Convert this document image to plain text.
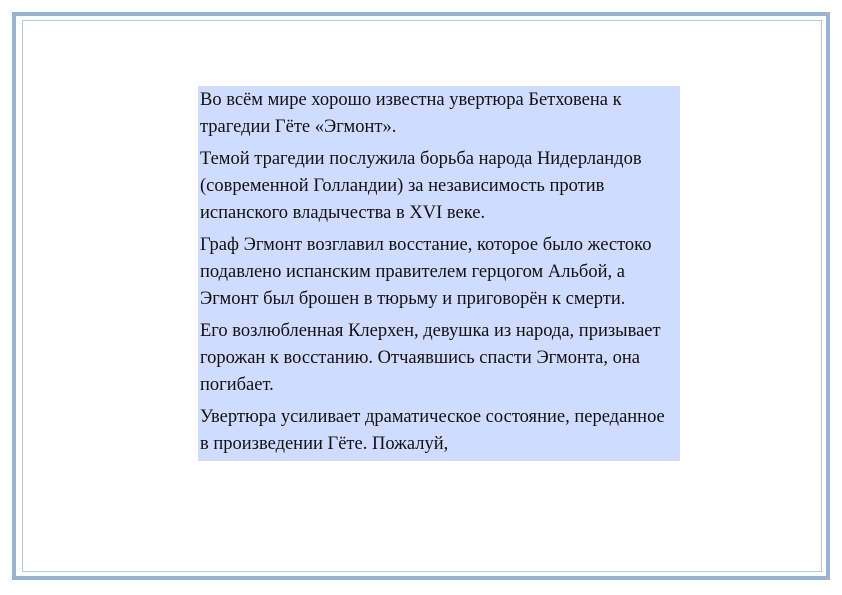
Во всём мире хорошо известна увертюра Бетховена к трагедии Гёте «Эгмонт».

Темой трагедии послужила борьба народа Нидерландов (современной Голландии) за независимость против испанского владычества в XVI веке.

Граф Эгмонт возглавил восстание, которое было жестоко подавлено испанским правителем герцогом Альбой, а Эгмонт был брошен в тюрьму и приговорён к смерти.

Его возлюбленная Клерхен, девушка из народа, призывает горожан к восстанию. Отчаявшись спасти Эгмонта, она погибает.

Увертюра усиливает драматическое состояние, переданное в произведении Гёте. Пожалуй,
